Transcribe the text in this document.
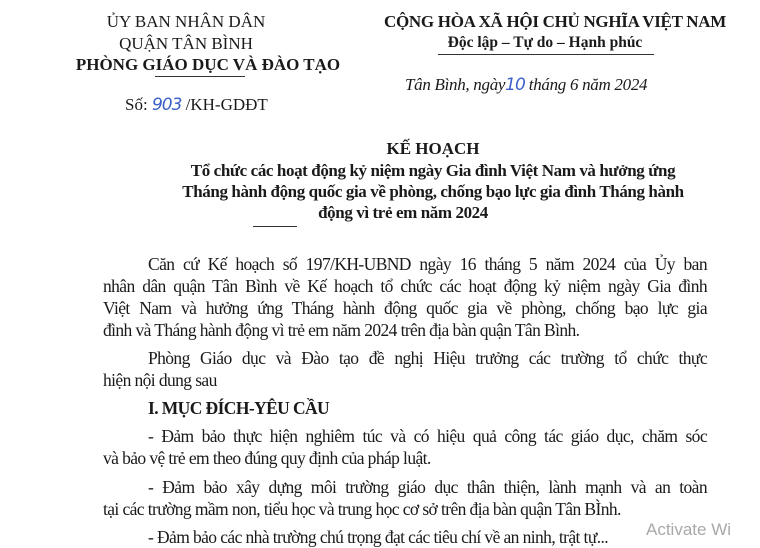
ỦY BAN NHÂN DÂN
QUẬN TÂN BÌNH
PHÒNG GIÁO DỤC VÀ ĐÀO TẠO
Số: 903 /KH-GDĐT
CỘNG HÒA XÃ HỘI CHỦ NGHĨA VIỆT NAM
Độc lập – Tự do – Hạnh phúc
Tân Bình, ngày10 tháng 6 năm 2024
KẾ HOẠCH
Tổ chức các hoạt động kỷ niệm ngày Gia đình Việt Nam và hưởng ứng
Tháng hành động quốc gia về phòng, chống bạo lực gia đình Tháng hành
động vì trẻ em năm 2024
Căn cứ Kế hoạch số 197/KH-UBND ngày 16 tháng 5 năm 2024 của Ủy ban
nhân dân quận Tân Bình về Kế hoạch tổ chức các hoạt động kỷ niệm ngày Gia đình
Việt Nam và hưởng ứng Tháng hành động quốc gia về phòng, chống bạo lực gia
đình và Tháng hành động vì trẻ em năm 2024 trên địa bàn quận Tân Bình.
Phòng Giáo dục và Đào tạo đề nghị Hiệu trưởng các trường tổ chức thực
hiện nội dung sau
I. MỤC ĐÍCH-YÊU CẦU
- Đảm bảo thực hiện nghiêm túc và có hiệu quả công tác giáo dục, chăm sóc
và bảo vệ trẻ em theo đúng quy định của pháp luật.
- Đảm bảo xây dựng môi trường giáo dục thân thiện, lành mạnh và an toàn
tại các trường mầm non, tiểu học và trung học cơ sở trên địa bàn quận Tân BÌnh.
- Đảm bảo các nhà trường chú trọng đạt các tiêu chí về an ninh, trật tự...	Activate Wi
